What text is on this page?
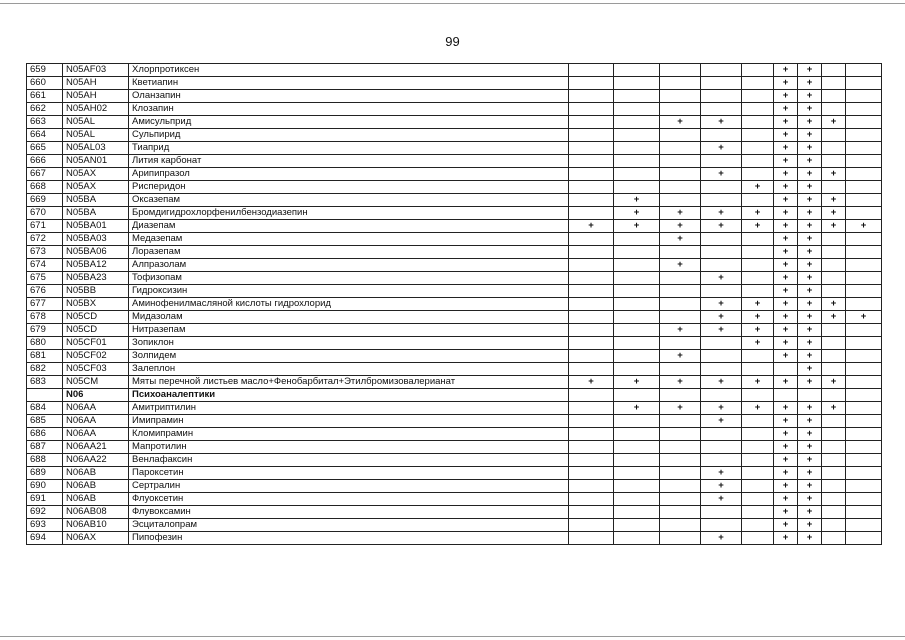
99
659	N05AF03	Хлорпротиксен						+	+		
660	N05AH	Кветиапин						+	+		
661	N05AH	Оланзапин						+	+		
662	N05AH02	Клозапин						+	+		
663	N05AL	Амисульприд			+	+		+	+	+	
664	N05AL	Сульпирид						+	+		
665	N05AL03	Тиаприд				+		+	+		
666	N05AN01	Лития карбонат						+	+		
667	N05AX	Арипипразол				+		+	+	+	
668	N05AX	Рисперидон					+	+	+		
669	N05BA	Оксазепам		+				+	+	+	
670	N05BA	Бромдигидрохлорфенилбензодиазепин		+	+	+	+	+	+	+	
671	N05BA01	Диазепам	+	+	+	+	+	+	+	+	+
672	N05BA03	Медазепам			+			+	+		
673	N05BA06	Лоразепам						+	+		
674	N05BA12	Алпразолам			+			+	+		
675	N05BA23	Тофизопам				+		+	+		
676	N05BB	Гидроксизин						+	+		
677	N05BX	Аминофенилмасляной кислоты гидрохлорид				+	+	+	+	+	
678	N05CD	Мидазолам				+	+	+	+	+	+
679	N05CD	Нитразепам			+	+	+	+	+		
680	N05CF01	Зопиклон					+	+	+		
681	N05CF02	Золпидем			+			+	+		
682	N05CF03	Залеплон							+		
683	N05CM	Мяты перечной листьев масло+Фенобарбитал+Этилбромизовалерианат	+	+	+	+	+	+	+	+	
	N06	Психоаналептики									
684	N06AA	Амитриптилин		+	+	+	+	+	+	+	
685	N06AA	Имипрамин				+		+	+		
686	N06AA	Кломипрамин						+	+		
687	N06AA21	Мапротилин						+	+		
688	N06AA22	Венлафаксин						+	+		
689	N06AB	Пароксетин				+		+	+		
690	N06AB	Сертралин				+		+	+		
691	N06AB	Флуоксетин				+		+	+		
692	N06AB08	Флувоксамин						+	+		
693	N06AB10	Эсциталопрам						+	+		
694	N06AX	Пипофезин				+		+	+		
